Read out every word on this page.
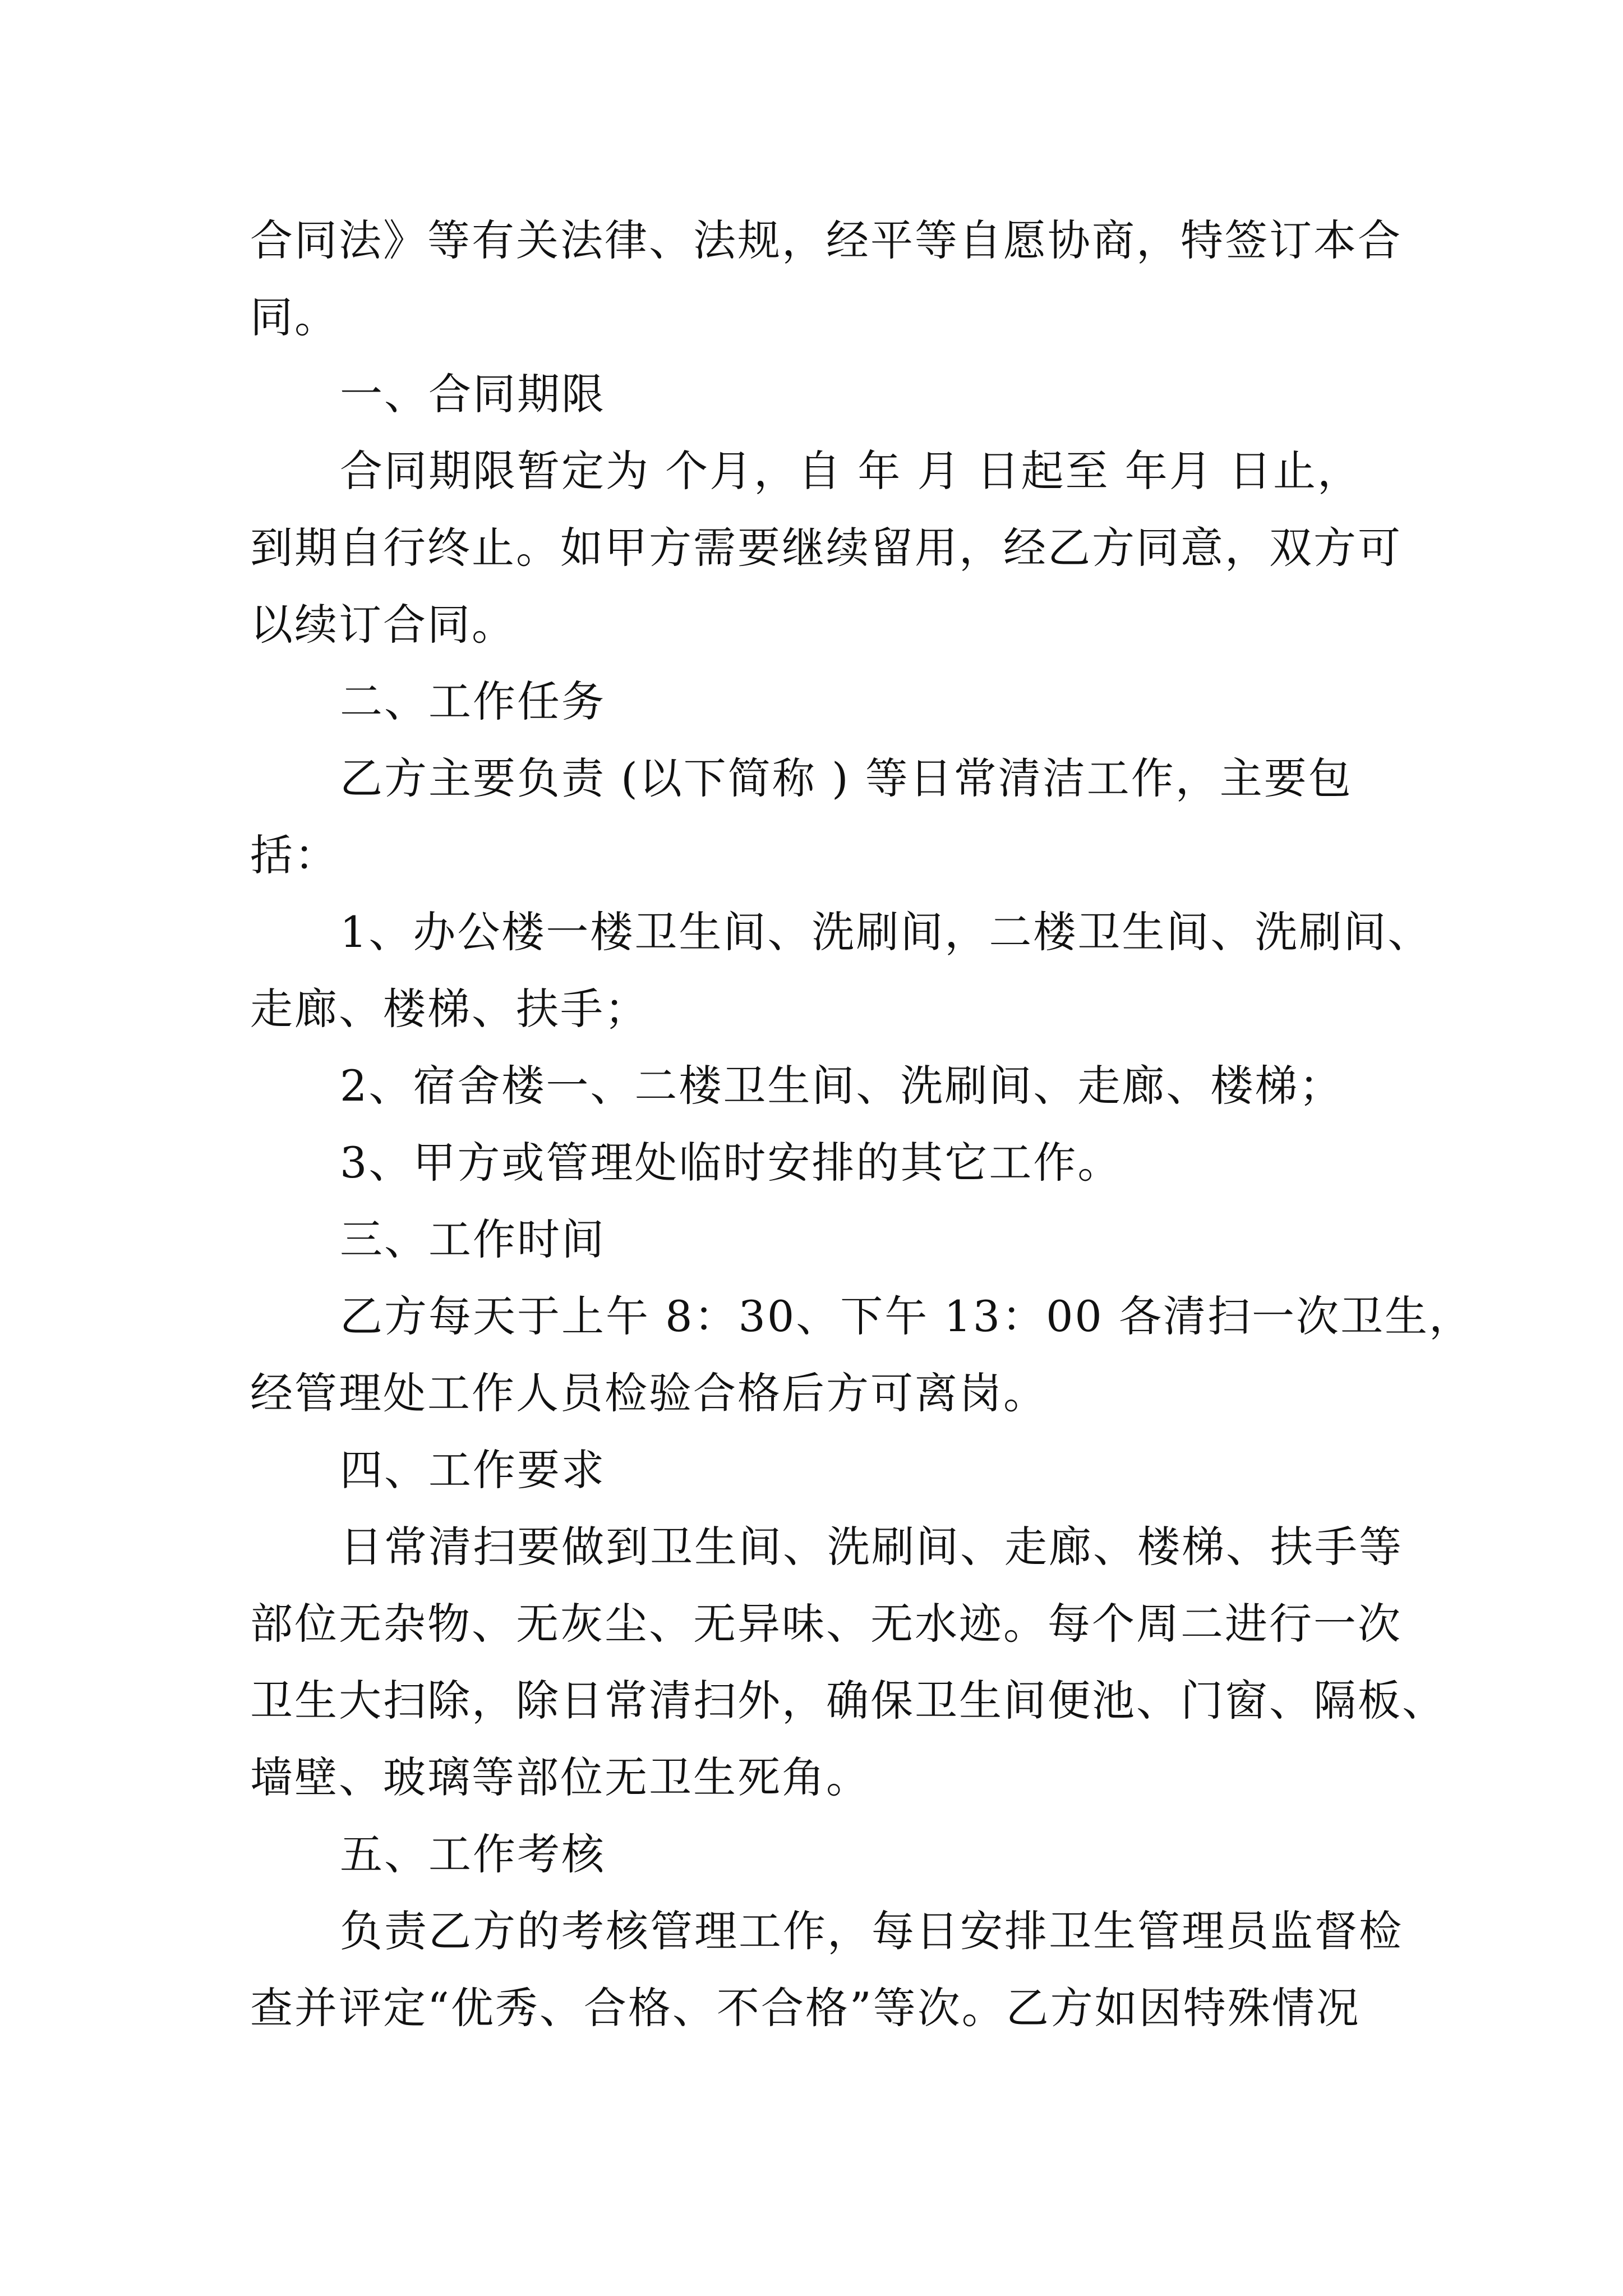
合同法》等有关法律、法规，经平等自愿协商，特签订本合
同。
一、合同期限
合同期限暂定为 个月，自 年 月 日起至 年月 日止，
到期自行终止。如甲方需要继续留用，经乙方同意，双方可
以续订合同。
二、工作任务
乙方主要负责 (以下简称 ) 等日常清洁工作，主要包
括：
1、办公楼一楼卫生间、洗刷间，二楼卫生间、洗刷间、
走廊、楼梯、扶手；
2、宿舍楼一、二楼卫生间、洗刷间、走廊、楼梯；
3、甲方或管理处临时安排的其它工作。
三、工作时间
乙方每天于上午 8：30、下午 13：00 各清扫一次卫生，
经管理处工作人员检验合格后方可离岗。
四、工作要求
日常清扫要做到卫生间、洗刷间、走廊、楼梯、扶手等
部位无杂物、无灰尘、无异味、无水迹。每个周二进行一次
卫生大扫除，除日常清扫外，确保卫生间便池、门窗、隔板、
墙壁、玻璃等部位无卫生死角。
五、工作考核
负责乙方的考核管理工作，每日安排卫生管理员监督检
查并评定“优秀、合格、不合格”等次。乙方如因特殊情况
